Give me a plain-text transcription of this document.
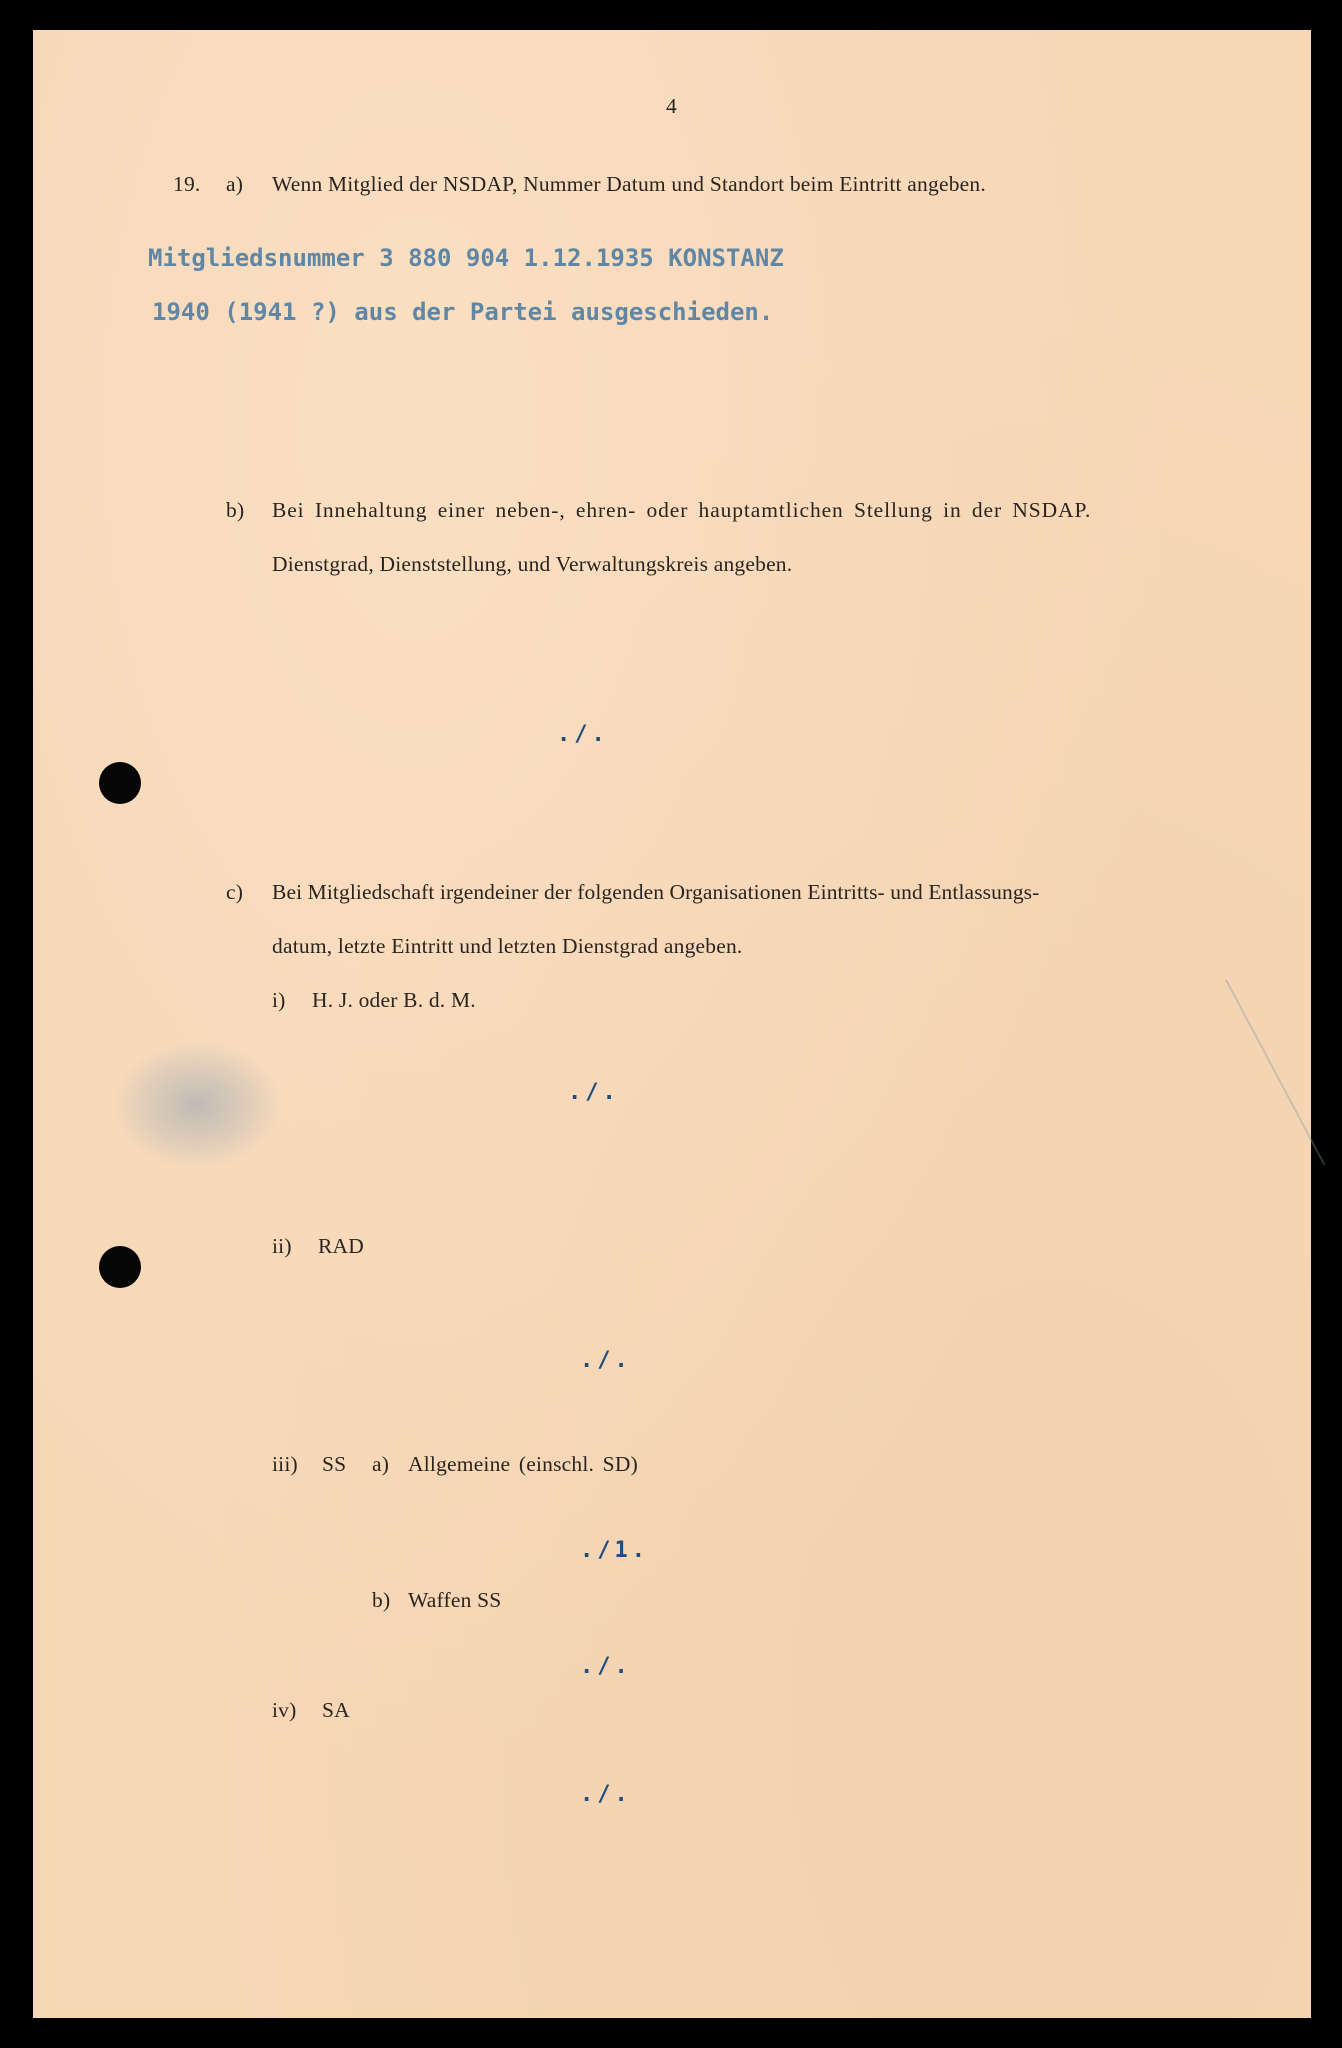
4
19. a) Wenn Mitglied der NSDAP, Nummer Datum und Standort beim Eintritt angeben.
Mitgliedsnummer 3 880 904 1.12.1935 KONSTANZ
1940 (1941 ?) aus der Partei ausgeschieden.
b) Bei Innehaltung einer neben-, ehren- oder hauptamtlichen Stellung in der NSDAP.
Dienstgrad, Dienststellung, und Verwaltungskreis angeben.
./.
c) Bei Mitgliedschaft irgendeiner der folgenden Organisationen Eintritts- und Entlassungs-
datum, letzte Eintritt und letzten Dienstgrad angeben.
i) H. J. oder B. d. M.
./.
ii) RAD
./.
iii) SS a) Allgemeine (einschl. SD)
./1.
b) Waffen SS
./.
iv) SA
./.
